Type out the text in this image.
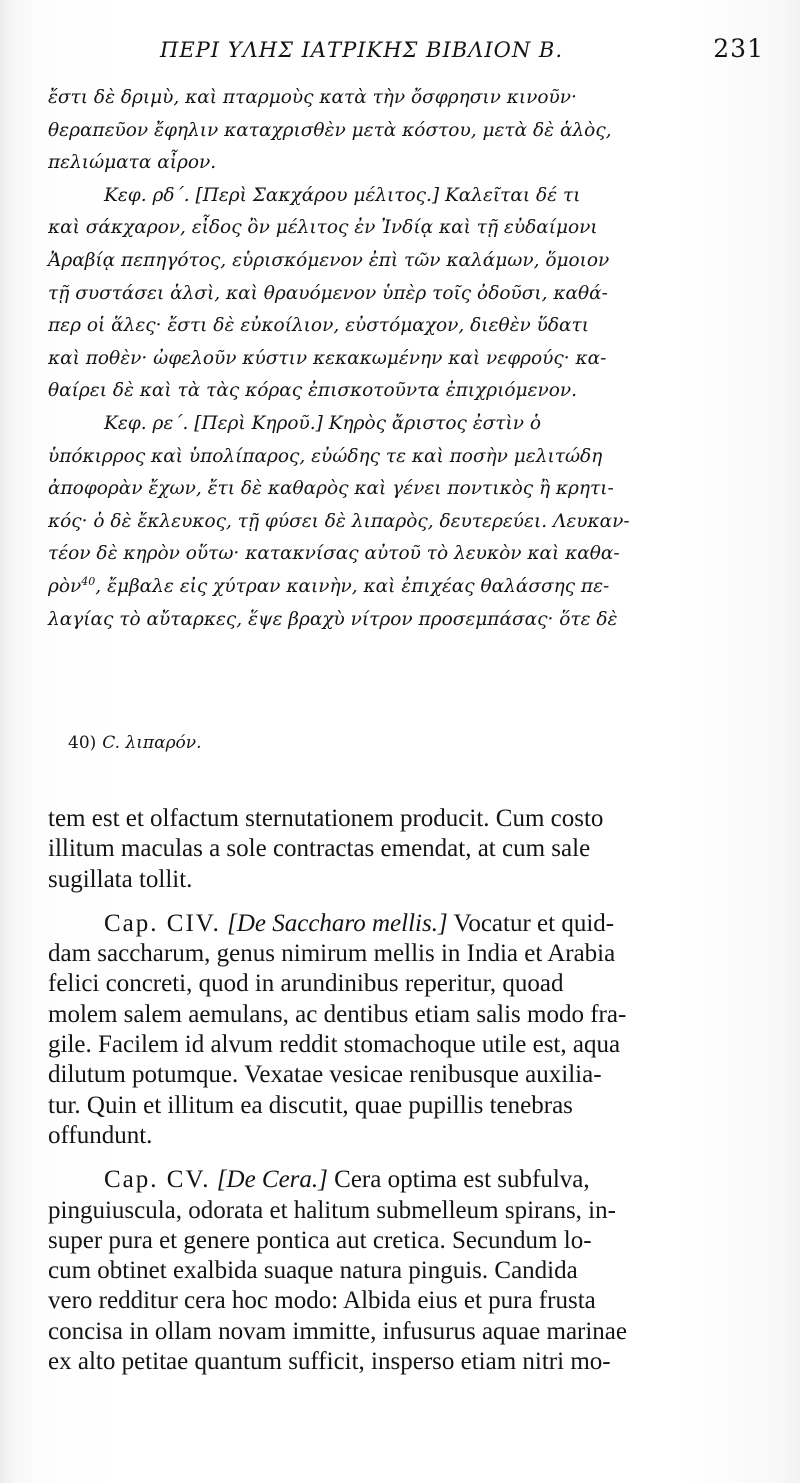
ΠΕΡΙ ΥΛΗΣ ΙΑΤΡΙΚΗΣ ΒΙΒΛΙΟΝ Β.	231
ἔστι δὲ δριμὺ, καὶ πταρμοὺς κατὰ τὴν ὄσφρησιν κινοῦν·
θεραπεῦον ἔφηλιν καταχρισθὲν μετὰ κόστου, μετὰ δὲ ἁλὸς,
πελιώματα αἶρον.
Κεφ. ρδ΄. [Περὶ Σακχάρου μέλιτος.] Καλεῖται δέ τι
καὶ σάκχαρον, εἶδος ὂν μέλιτος ἐν Ἰνδίᾳ καὶ τῇ εὐδαίμονι
Ἀραβίᾳ πεπηγότος, εὑρισκόμενον ἐπὶ τῶν καλάμων, ὅμοιον
τῇ συστάσει ἁλσὶ, καὶ θραυόμενον ὑπὲρ τοῖς ὀδοῦσι, καθά-
περ οἱ ἅλες· ἔστι δὲ εὐκοίλιον, εὐστόμαχον, διεθὲν ὕδατι
καὶ ποθὲν· ὠφελοῦν κύστιν κεκακωμένην καὶ νεφρούς· κα-
θαίρει δὲ καὶ τὰ τὰς κόρας ἐπισκοτοῦντα ἐπιχριόμενον.
Κεφ. ρε΄. [Περὶ Κηροῦ.] Κηρὸς ἄριστος ἐστὶν ὁ
ὑπόκιρρος καὶ ὑπολίπαρος, εὐώδης τε καὶ ποσὴν μελιτώδη
ἀποφορὰν ἔχων, ἔτι δὲ καθαρὸς καὶ γένει ποντικὸς ἢ κρητι-
κός· ὁ δὲ ἔκλευκος, τῇ φύσει δὲ λιπαρὸς, δευτερεύει. Λευκαν-
τέον δὲ κηρὸν οὕτω· κατακνίσας αὐτοῦ τὸ λευκὸν καὶ καθα-
ρὸν$^{40}$, ἔμβαλε εἰς χύτραν καινὴν, καὶ ἐπιχέας θαλάσσης πε-
λαγίας τὸ αὔταρκες, ἕψε βραχὺ νίτρον προσεμπάσας· ὅτε δὲ
40) C. λιπαρόν.
tem est et olfactum sternutationem producit. Cum costo
illitum maculas a sole contractas emendat, at cum sale
sugillata tollit.
Cap. CIV. [De Saccharo mellis.] Vocatur et quid-
dam saccharum, genus nimirum mellis in India et Arabia
felici concreti, quod in arundinibus reperitur, quoad
molem salem aemulans, ac dentibus etiam salis modo fra-
gile. Facilem id alvum reddit stomachoque utile est, aqua
dilutum potumque. Vexatae vesicae renibusque auxilia-
tur. Quin et illitum ea discutit, quae pupillis tenebras
offundunt.
Cap. CV. [De Cera.] Cera optima est subfulva,
pinguiuscula, odorata et halitum submelleum spirans, in-
super pura et genere pontica aut cretica. Secundum lo-
cum obtinet exalbida suaque natura pinguis. Candida
vero redditur cera hoc modo: Albida eius et pura frusta
concisa in ollam novam immitte, infusurus aquae marinae
ex alto petitae quantum sufficit, insperso etiam nitri mo-
